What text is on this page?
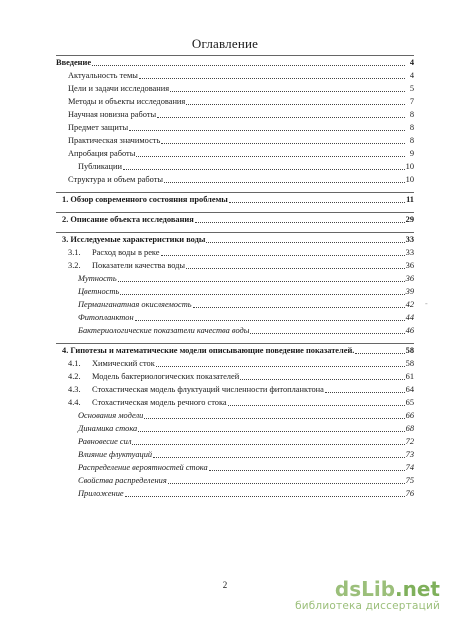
Оглавление
Введение	4
Актуальность темы	4
Цели и задачи исследования	5
Методы и объекты исследования	7
Научная новизна работы	8
Предмет защиты	8
Практическая значимость	8
Апробация работы	9
Публикации	10
Структура и объем работы	10
1. Обзор современного состояния проблемы	11
2. Описание объекта исследования	29
3. Исследуемые характеристики воды	33
3.1. Расход воды в реке	33
3.2. Показатели качества воды	36
Мутность	36
Цветность	39
Перманганатная окисляемость	42
Фитопланктон	44
Бактериологические показатели качества воды	46
4. Гипотезы и математические модели описывающие поведение показателей.	58
4.1. Химический сток	58
4.2. Модель бактериологических показателей	61
4.3. Стохастическая модель флуктуаций численности фитопланктона	64
4.4. Стохастическая модель речного стока	65
Основания модели	66
Динамика стока	68
Равновесие сил	72
Влияние флуктуаций	73
Распределение вероятностей стока	74
Свойства распределения	75
Приложение	76
-
2	dsLib.net
библиотека диссертаций
